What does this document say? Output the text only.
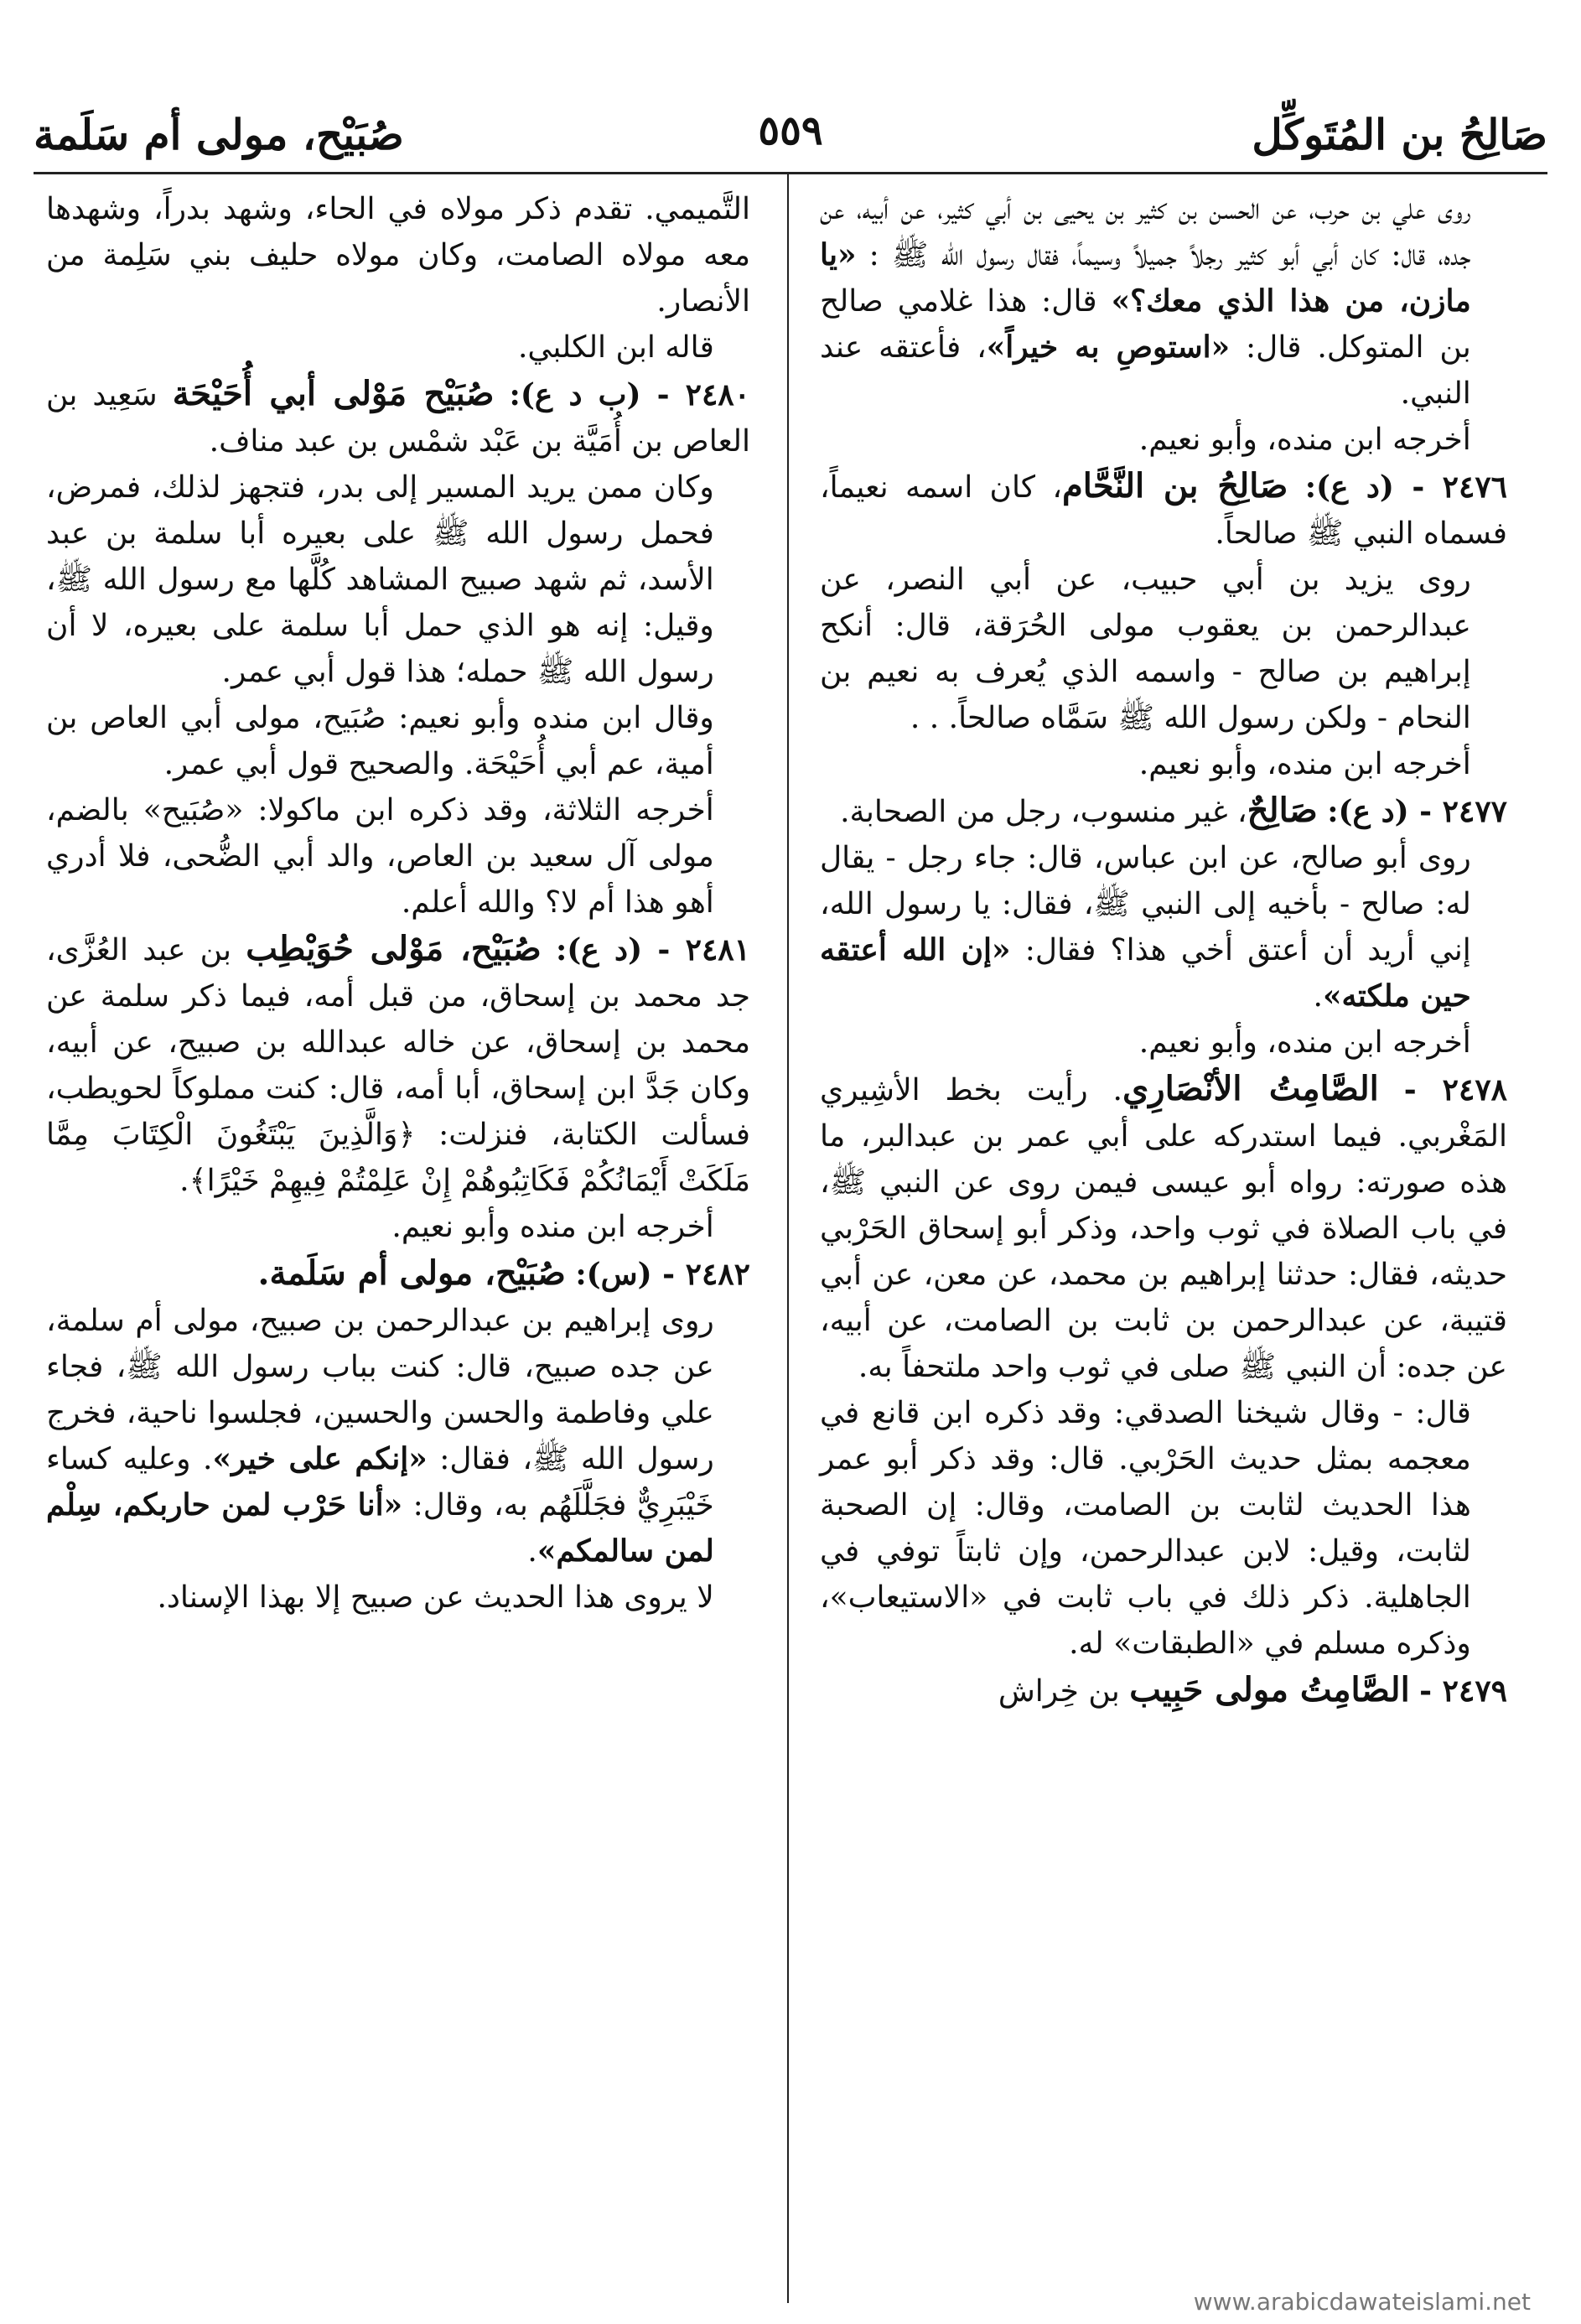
صَالِحُ بن المُتَوكِّل
٥٥٩
صُبَيْح، مولى أم سَلَمة

روى علي بن حرب، عن الحسن بن كثير بن يحيى بن أبي كثير، عن أبيه، عن جده، قال: كان أبي أبو كثير رجلاً جميلاً وسيماً، فقال رسول الله ﷺ : «يا مازن، من هذا الذي معك؟» قال: هذا غلامي صالح بن المتوكل. قال: «استوصِ به خيراً»، فأعتقه عند النبي.

أخرجه ابن منده، وأبو نعيم.

٢٤٧٦ - (د ع): صَالِحُ بن النَّحَّام، كان اسمه نعيماً، فسماه النبي ﷺ صالحاً.

روى يزيد بن أبي حبيب، عن أبي النصر، عن عبدالرحمن بن يعقوب مولى الحُرَقة، قال: أنكح إبراهيم بن صالح - واسمه الذي يُعرف به نعيم بن النحام - ولكن رسول الله ﷺ سَمَّاه صالحاً. . .

أخرجه ابن منده، وأبو نعيم.

٢٤٧٧ - (د ع): صَالِحٌ، غير منسوب، رجل من الصحابة.

روى أبو صالح، عن ابن عباس، قال: جاء رجل - يقال له: صالح - بأخيه إلى النبي ﷺ، فقال: يا رسول الله، إني أريد أن أعتق أخي هذا؟ فقال: «إن الله أعتقه حين ملكته».

أخرجه ابن منده، وأبو نعيم.

٢٤٧٨ - الصَّامِتُ الأنْصَارِي. رأيت بخط الأشِيري المَغْربي. فيما استدركه على أبي عمر بن عبدالبر، ما هذه صورته: رواه أبو عيسى فيمن روى عن النبي ﷺ، في باب الصلاة في ثوب واحد، وذكر أبو إسحاق الحَرْبي حديثه، فقال: حدثنا إبراهيم بن محمد، عن معن، عن أبي قتيبة، عن عبدالرحمن بن ثابت بن الصامت، عن أبيه، عن جده: أن النبي ﷺ صلى في ثوب واحد ملتحفاً به.

قال: - وقال شيخنا الصدقي: وقد ذكره ابن قانع في معجمه بمثل حديث الحَرْبي. قال: وقد ذكر أبو عمر هذا الحديث لثابت بن الصامت، وقال: إن الصحبة لثابت، وقيل: لابن عبدالرحمن، وإن ثابتاً توفي في الجاهلية. ذكر ذلك في باب ثابت في «الاستيعاب»، وذكره مسلم في «الطبقات» له.

٢٤٧٩ - الصَّامِتُ مولى حَبِيب بن خِراش

التَّميمي. تقدم ذكر مولاه في الحاء، وشهد بدراً، وشهدها معه مولاه الصامت، وكان مولاه حليف بني سَلِمة من الأنصار.

قاله ابن الكلبي.

٢٤٨٠ - (ب د ع): صُبَيْح مَوْلى أبي أُحَيْحَة سَعِيد بن العاص بن أُمَيَّة بن عَبْد شمْس بن عبد مناف.

وكان ممن يريد المسير إلى بدر، فتجهز لذلك، فمرض، فحمل رسول الله ﷺ على بعيره أبا سلمة بن عبد الأسد، ثم شهد صبيح المشاهد كُلَّها مع رسول الله ﷺ، وقيل: إنه هو الذي حمل أبا سلمة على بعيره، لا أن رسول الله ﷺ حمله؛ هذا قول أبي عمر.

وقال ابن منده وأبو نعيم: صُبَيح، مولى أبي العاص بن أمية، عم أبي أُحَيْحَة. والصحيح قول أبي عمر.

أخرجه الثلاثة، وقد ذكره ابن ماكولا: «صُبَيح» بالضم، مولى آل سعيد بن العاص، والد أبي الضُّحى، فلا أدري أهو هذا أم لا؟ والله أعلم.

٢٤٨١ - (د ع): صُبَيْح، مَوْلى حُوَيْطِب بن عبد العُزَّى، جد محمد بن إسحاق، من قبل أمه، فيما ذكر سلمة عن محمد بن إسحاق، عن خاله عبدالله بن صبيح، عن أبيه، وكان جَدَّ ابن إسحاق، أبا أمه، قال: كنت مملوكاً لحويطب، فسألت الكتابة، فنزلت: ﴿وَالَّذِينَ يَبْتَغُونَ الْكِتَابَ مِمَّا مَلَكَتْ أَيْمَانُكُمْ فَكَاتِبُوهُمْ إِنْ عَلِمْتُمْ فِيهِمْ خَيْرًا﴾.

أخرجه ابن منده وأبو نعيم.

٢٤٨٢ - (س): صُبَيْح، مولى أم سَلَمة.

روى إبراهيم بن عبدالرحمن بن صبيح، مولى أم سلمة، عن جده صبيح، قال: كنت بباب رسول الله ﷺ، فجاء علي وفاطمة والحسن والحسين، فجلسوا ناحية، فخرج رسول الله ﷺ، فقال: «إنكم على خير». وعليه كساء خَيْبَرِيٌّ فجَلَّلَهُم به، وقال: «أنا حَرْب لمن حاربكم، سِلْم لمن سالمكم».

لا يروى هذا الحديث عن صبيح إلا بهذا الإسناد.

www.arabicdawateislami.net
